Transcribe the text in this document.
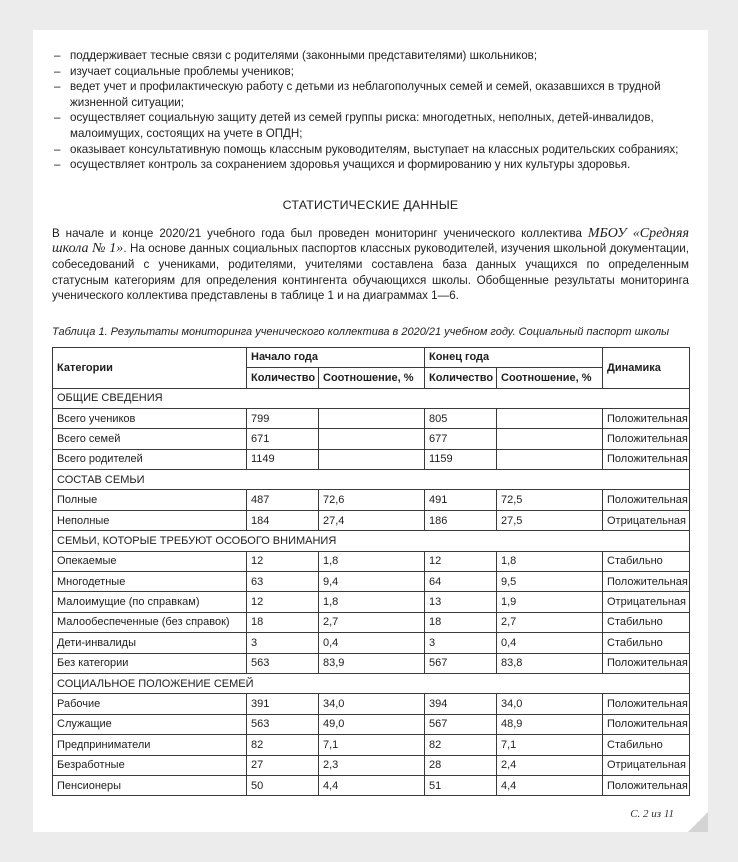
– поддерживает тесные связи с родителями (законными представителями) школьников;
– изучает социальные проблемы учеников;
– ведет учет и профилактическую работу с детьми из неблагополучных семей и семей, оказавшихся в трудной жизненной ситуации;
– осуществляет социальную защиту детей из семей группы риска: многодетных, неполных, детей-инвалидов, малоимущих, состоящих на учете в ОПДН;
– оказывает консультативную помощь классным руководителям, выступает на классных родительских собраниях;
– осуществляет контроль за сохранением здоровья учащихся и формированию у них культуры здоровья.
СТАТИСТИЧЕСКИЕ ДАННЫЕ

В начале и конце 2020/21 учебного года был проведен мониторинг ученического коллектива МБОУ «Средняя школа № 1». На основе данных социальных паспортов классных руководителей, изучения школьной документации, собеседований с учениками, родителями, учителями составлена база данных учащихся по определенным статусным категориям для определения контингента обучающихся школы. Обобщенные результаты мониторинга ученического коллектива представлены в таблице 1 и на диаграммах 1—6.

Таблица 1. Результаты мониторинга ученического коллектива в 2020/21 учебном году. Социальный паспорт школы
Категории	Начало года		Конец года		Динамика
	Количество	Соотношение, %	Количество	Соотношение, %	
ОБЩИЕ СВЕДЕНИЯ					
Всего учеников	799		805		Положительная
Всего семей	671		677		Положительная
Всего родителей	1149		1159		Положительная
СОСТАВ СЕМЬИ					
Полные	487	72,6	491	72,5	Положительная
Неполные	184	27,4	186	27,5	Отрицательная
СЕМЬИ, КОТОРЫЕ ТРЕБУЮТ ОСОБОГО ВНИМАНИЯ					
Опекаемые	12	1,8	12	1,8	Стабильно
Многодетные	63	9,4	64	9,5	Положительная
Малоимущие (по справкам)	12	1,8	13	1,9	Отрицательная
Малообеспеченные (без справок)	18	2,7	18	2,7	Стабильно
Дети-инвалиды	3	0,4	3	0,4	Стабильно
Без категории	563	83,9	567	83,8	Положительная
СОЦИАЛЬНОЕ ПОЛОЖЕНИЕ СЕМЕЙ					
Рабочие	391	34,0	394	34,0	Положительная
Служащие	563	49,0	567	48,9	Положительная
Предприниматели	82	7,1	82	7,1	Стабильно
Безработные	27	2,3	28	2,4	Отрицательная
Пенсионеры	50	4,4	51	4,4	Положительная
С. 2 из 11
